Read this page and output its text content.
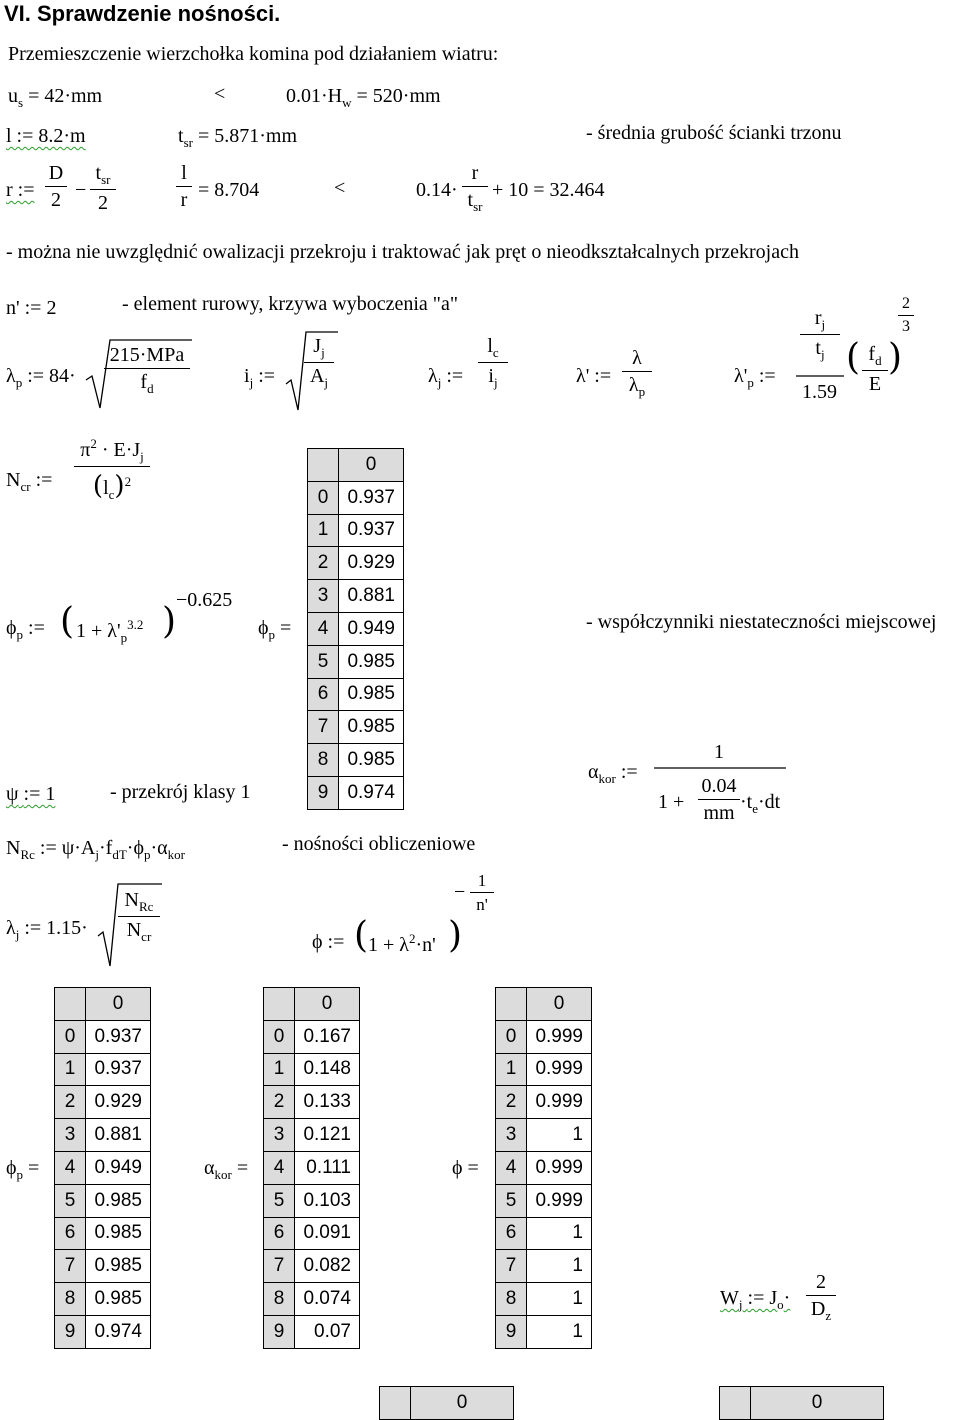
VI. Sprawdzenie nośności.
Przemieszczenie wierzchołka komina pod działaniem wiatru:
$u_s = 42\cdot mm$	<	$0.01\cdot H_w = 520\cdot mm$
l := 8.2·m	$t_{sr} = 5.871\cdot mm$	- średnia grubość ścianki trzonu
r := $\frac{D}{2}$ −
$t_{sr}$
2	$\frac{l}{r} = 8.704$	<	0.14·
r
$t_{sr}$
+ 10 = 32.464
- można nie uwzględnić owalizacji przekroju i traktować jak pręt o nieodkształcalnych przekrojach
n' := 2	- element rurowy, krzywa wyboczenia "a"
$\lambda_p$ := 84·
215·MPa
$f_d$
$i_j$ := $\frac{J_j}{A_j}$	$\lambda_j$ := $\frac{l_c}{i_j}$	λ' := $\frac{\lambda}{\lambda_p}$	$\lambda'_p$ :=
$\frac{r_j}{t_j}$
1.59
( $\frac{f_d}{E}$ )
$\frac{2}{3}$
$N_{cr}$ := $\frac{\pi^2 \cdot E\cdot J_j}{(l_c)^2}$
$\phi_p$ := ( $1 + \lambda'_p^{3.2}$ )
−0.625
$\phi_p$ =
	0
0	0.937
1	0.937
2	0.929
3	0.881
4	0.949
5	0.985
6	0.985
7	0.985
8	0.985
9	0.974
- współczynniki niestateczności miejscowej
ψ := 1	- przekrój klasy 1
$\alpha_{kor}$ :=
1
$1 + \frac{0.04}{mm} \cdot t_e\cdot dt$
$N_{Rc}$ := $\psi\cdot A_j\cdot f_{dT}\cdot\phi_p\cdot\alpha_{kor}$	- nośności obliczeniowe
$\lambda_j$ := 1.15·
$N_{Rc}$
$N_{cr}$	ϕ := ( $1 + \lambda^2\cdot n'$ )
− $\frac{1}{n'}$
$\phi_p$ =
	0
0	0.937
1	0.937
2	0.929
3	0.881
4	0.949
5	0.985
6	0.985
7	0.985
8	0.985
9	0.974
$\alpha_{kor}$ =
	0
0	0.167
1	0.148
2	0.133
3	0.121
4	0.111
5	0.103
6	0.091
7	0.082
8	0.074
9	0.07
ϕ =
	0
0	0.999
1	0.999
2	0.999
3	1
4	0.999
5	0.999
6	1
7	1
8	1
9	1
$W_j$ := $J_o\cdot \frac{2}{D_z}$
	0
		0
